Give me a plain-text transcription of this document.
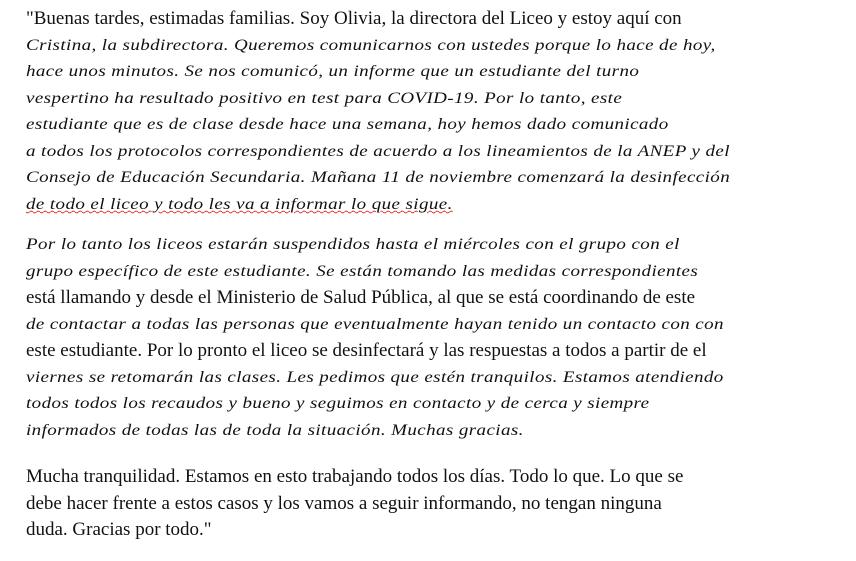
"Buenas tardes, estimadas familias. Soy Olivia, la directora del Liceo y estoy aquí con
Cristina, la subdirectora. Queremos comunicarnos con ustedes porque lo hace de hoy,
hace unos minutos. Se nos comunicó, un informe que un estudiante del turno
vespertino ha resultado positivo en test para COVID-19. Por lo tanto, este
estudiante que es de clase desde hace una semana, hoy hemos dado comunicado
a todos los protocolos correspondientes de acuerdo a los lineamientos de la ANEP y del
Consejo de Educación Secundaria. Mañana 11 de noviembre comenzará la desinfección
de todo el liceo y todo les va a informar lo que sigue.

Por lo tanto los liceos estarán suspendidos hasta el miércoles con el grupo con el
grupo específico de este estudiante. Se están tomando las medidas correspondientes
está llamando y desde el Ministerio de Salud Pública, al que se está coordinando de este
de contactar a todas las personas que eventualmente hayan tenido un contacto con con
este estudiante. Por lo pronto el liceo se desinfectará y las respuestas a todos a partir de el
viernes se retomarán las clases. Les pedimos que estén tranquilos. Estamos atendiendo
todos todos los recaudos y bueno y seguimos en contacto y de cerca y siempre
informados de todas las de toda la situación. Muchas gracias.

Mucha tranquilidad. Estamos en esto trabajando todos los días. Todo lo que. Lo que se
debe hacer frente a estos casos y los vamos a seguir informando, no tengan ninguna
duda. Gracias por todo."
